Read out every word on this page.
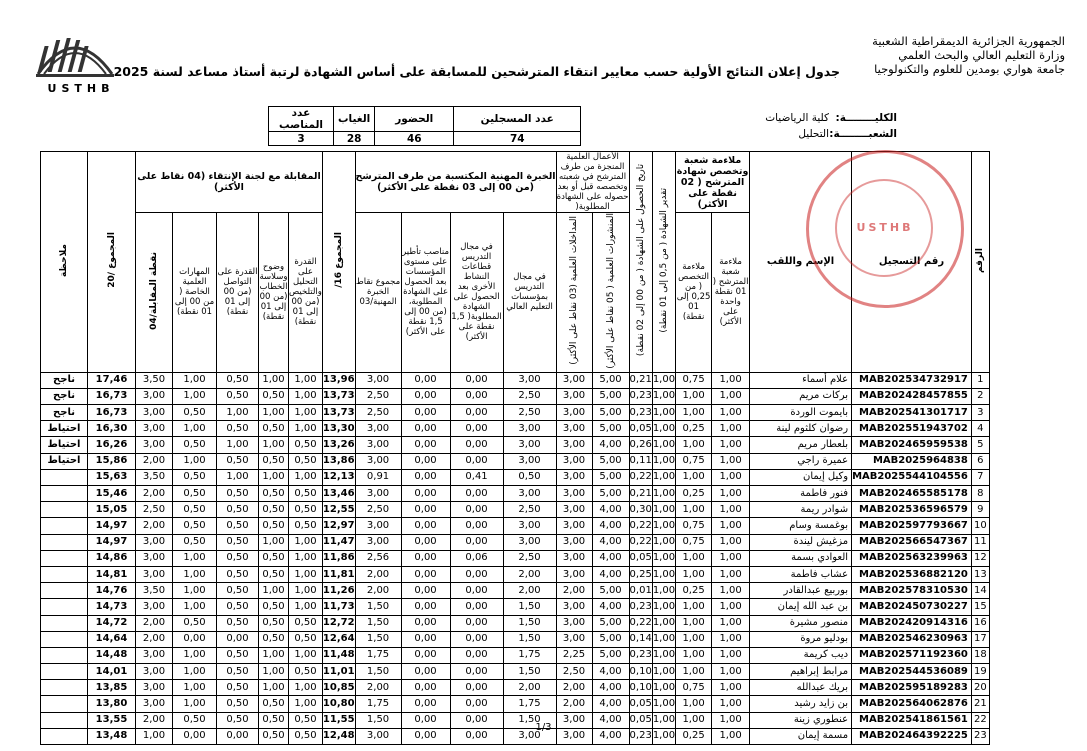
USTHB
الجمهورية الجزائرية الديمقراطية الشعبية
وزارة التعليم العالي والبحث العلمي
جامعة هواري بومدين للعلوم والتكنولوجيا
جدول إعلان النتائج الأولية حسب معايير انتقاء المترشحين للمسابقة على أساس الشهادة لرتبة أستاذ مساعد لسنة 2025
عدد المسجلين	الحضور	الغياب	عدد المناصب
74	46	28	3
الكليــــــــة:
كلية الرياضيات
الشعبــــــــة:
التحليل
الرقم	رقم التسجيل	الإسم واللقب	ملاءمة شعبة وتخصص شهادة المترشح ( 02 نقطة على الأكثر)		تقدير الشهادة ( من 0,5 إلى 01 نقطة)	تاريخ الحصول على الشهادة ( من 00 إلى 02 نقطة)	الأعمال العلمية المنجزة من طرف المترشح في شعبته وتخصصه قبل أو بعد حصوله على الشهادة المطلوبة(		الخبرة المهنية المكتسبة من طرف المترشح (من 00 إلى 03 نقطة على الأكثر)				المجموع 16/	المقابلة مع لجنة الإنتقاء (04 نقاط على الأكثر)					المجموع /20	ملاحظة
			ملاءمة شعبة المترشح ( 01 نقطة واحدة على الأكثر)	ملاءمة التخصص ( من 0,25 إلى 01 نقطة)			المنشورات العلمية ( 05 نقاط على الأكثر)	المداخلات العلمية (03 نقاط على الأكثر)	في مجال التدريس بمؤسسات التعليم العالي	في مجال التدريس قطاعات النشاط الأخرى بعد الحصول على الشهادة المطلوبة( 1,5 نقطة على الأكثر)	مناصب تأطير على مستوى المؤسسات بعد الحصول على الشهادة المطلوبة، (من 00 إلى 1,5 نقطة على الأكثر)	مجموع نقاط الخبرة المهنية/03		القدرة على التحليل والتلخيص (من 00 إلى 01 نقطة)	وضوح وسلاسة الخطاب (من 00 إلى 01 نقطة)	القدرة على التواصل (من 00 إلى 01 نقطة)	المهارات العلمية الخاصة ( من 00 إلى 01 نقطة)	نقطة المقابلة/04		
1	MAB202534732917	علام أسماء	1,00	0,75	1,00	0,21	5,00	3,00	3,00	0,00	0,00	3,00	13,96	1,00	1,00	0,50	1,00	3,50	17,46	ناجح
2	MAB202428457855	بركات مريم	1,00	1,00	1,00	0,23	5,00	3,00	2,50	0,00	0,00	2,50	13,73	1,00	0,50	0,50	1,00	3,00	16,73	ناجح
3	MAB202541301717	بايموت الوردة	1,00	1,00	1,00	0,23	5,00	3,00	2,50	0,00	0,00	2,50	13,73	1,00	1,00	1,00	0,50	3,00	16,73	ناجح
4	MAB202551943702	رضوان كلثوم لينة	1,00	0,25	1,00	0,05	5,00	3,00	3,00	0,00	0,00	3,00	13,30	1,00	0,50	0,50	1,00	3,00	16,30	احتياط
5	MAB202465959538	بلعطار مريم	1,00	1,00	1,00	0,26	4,00	3,00	3,00	0,00	0,00	3,00	13,26	0,50	1,00	1,00	0,50	3,00	16,26	احتياط
6	MAB2025964838	عميرة راجي	1,00	0,75	1,00	0,11	5,00	3,00	3,00	0,00	0,00	3,00	13,86	0,50	0,50	0,50	1,00	2,00	15,86	احتياط
7	MAB2025544104556	وكيل إيمان	1,00	1,00	1,00	0,22	5,00	3,00	0,50	0,41	0,00	0,91	12,13	1,00	1,00	1,00	0,50	3,50	15,63	
8	MAB202465585178	فنور فاطمة	1,00	0,25	1,00	0,21	5,00	3,00	3,00	0,00	0,00	3,00	13,46	0,50	0,50	0,50	0,50	2,00	15,46	
9	MAB202536596579	شوادر ريمة	1,00	1,00	1,00	0,30	4,00	3,00	2,50	0,00	0,00	2,50	12,55	0,50	0,50	0,50	0,50	2,50	15,05	
10	MAB202597793667	بوغمسة وسام	1,00	0,75	1,00	0,22	4,00	3,00	3,00	0,00	0,00	3,00	12,97	0,50	0,50	0,50	0,50	2,00	14,97	
11	MAB202566547367	مزغيش ليندة	1,00	0,75	1,00	0,22	4,00	3,00	3,00	0,00	0,00	3,00	11,47	1,00	1,00	0,50	0,50	3,00	14,97	
12	MAB202563239963	العوادي بسمة	1,00	1,00	1,00	0,05	4,00	3,00	2,50	0,06	0,00	2,56	11,86	1,00	0,50	0,50	1,00	3,00	14,86	
13	MAB202536882120	عشاب فاطمة	1,00	1,00	1,00	0,25	4,00	3,00	2,00	0,00	0,00	2,00	11,81	1,00	0,50	0,50	1,00	3,00	14,81	
14	MAB202578310530	بوربيع عبدالقادر	1,00	0,25	1,00	0,01	5,00	2,00	2,00	0,00	0,00	2,00	11,26	1,00	1,00	0,50	1,00	3,50	14,76	
15	MAB202450730227	بن عبد الله إيمان	1,00	1,00	1,00	0,23	4,00	3,00	1,50	0,00	0,00	1,50	11,73	1,00	0,50	0,50	1,00	3,00	14,73	
16	MAB202420914316	منصور مشيرة	1,00	1,00	1,00	0,22	5,00	3,00	1,50	0,00	0,00	1,50	12,72	0,50	0,50	0,50	0,50	2,00	14,72	
17	MAB202546230963	بودليو مروة	1,00	1,00	1,00	0,14	5,00	3,00	1,50	0,00	0,00	1,50	12,64	0,50	0,50	0,00	0,00	2,00	14,64	
18	MAB202571192360	ديب كريمة	1,00	1,00	1,00	0,23	5,00	2,25	1,75	0,00	0,00	1,75	11,48	1,00	1,00	0,50	1,00	3,00	14,48	
19	MAB202544536089	مرابط إبراهيم	1,00	1,00	1,00	0,10	4,00	2,50	1,50	0,00	0,00	1,50	11,01	0,50	1,00	0,50	1,00	3,00	14,01	
20	MAB202595189283	بريك عبدالله	1,00	0,75	1,00	0,10	4,00	2,00	2,00	0,00	0,00	2,00	10,85	1,00	1,00	0,50	1,00	3,00	13,85	
21	MAB202564062876	بن زايد رشيد	1,00	1,00	1,00	0,05	4,00	2,00	1,75	0,00	0,00	1,75	10,80	1,00	0,50	0,50	1,00	3,00	13,80	
22	MAB202541861561	عنطوري زينة	1,00	1,00	1,00	0,05	4,00	3,00	1,50	0,00	0,00	1,50	11,55	0,50	0,50	0,50	0,50	2,00	13,55	
23	MAB202464392225	مسمة إيمان	1,00	0,25	1,00	0,23	4,00	3,00	3,00	0,00	0,00	3,00	12,48	0,50	0,50	0,00	0,00	1,00	13,48	
USTHB
1/3
